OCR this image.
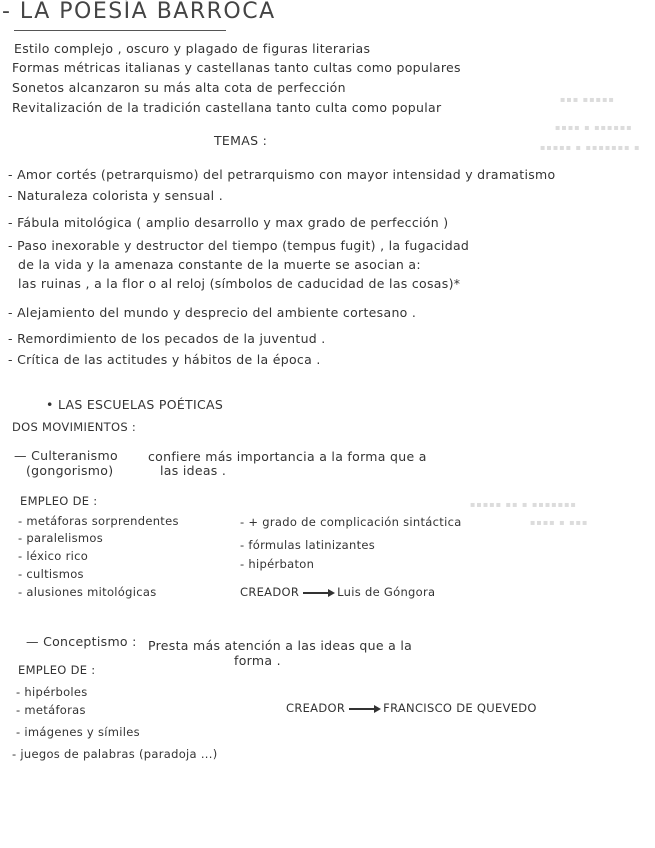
- LA POESÍA BARROCA
Estilo complejo , oscuro y plagado de figuras literarias
Formas métricas italianas y castellanas tanto cultas como populares
Sonetos alcanzaron su más alta cota de perfección
Revitalización de la tradición castellana tanto culta como popular
▪▪▪ ▪▪▪▪▪
▪▪▪▪ ▪ ▪▪▪▪▪▪
▪▪▪▪▪ ▪ ▪▪▪▪▪▪▪ ▪
▪▪▪▪▪ ▪▪ ▪ ▪▪▪▪▪▪▪
▪▪▪▪ ▪ ▪▪▪
TEMAS :
- Amor cortés (petrarquismo) del petrarquismo con mayor intensidad y dramatismo
- Naturaleza colorista y sensual .
- Fábula mitológica ( amplio desarrollo y max grado de perfección )
- Paso inexorable y destructor del tiempo (tempus fugit) , la fugacidad
de la vida y la amenaza constante de la muerte se asocian a:
las ruinas , a la flor o al reloj (símbolos de caducidad de las cosas)*
- Alejamiento del mundo y desprecio del ambiente cortesano .
- Remordimiento de los pecados de la juventud .
- Crítica de las actitudes y hábitos de la época .
• LAS ESCUELAS POÉTICAS
DOS MOVIMIENTOS :
— Culteranismo
(gongorismo)
confiere más importancia a la forma que a
las ideas .
EMPLEO DE :
- metáforas sorprendentes
- paralelismos
- léxico rico
- cultismos
- alusiones mitológicas
- + grado de complicación sintáctica
- fórmulas latinizantes
- hipérbaton
CREADOR	Luis de Góngora
— Conceptismo : Presta más atención a las ideas que a la
forma .
EMPLEO DE :
- hipérboles
- metáforas
- imágenes y símiles
- juegos de palabras (paradoja ...)
CREADOR	FRANCISCO DE QUEVEDO
